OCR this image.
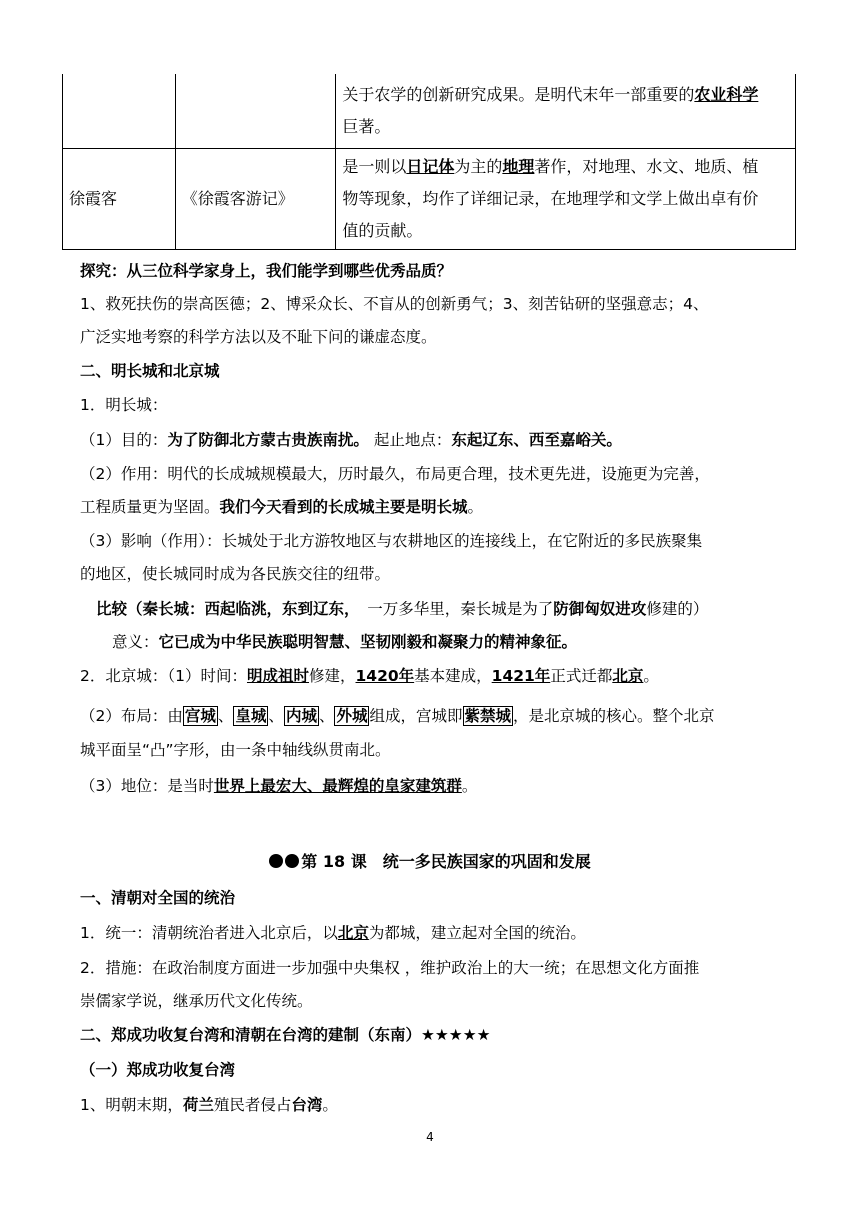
		关于农学的创新研究成果。是明代末年一部重要的农业科学
巨著。
徐霞客	《徐霞客游记》	是一则以日记体为主的地理著作，对地理、水文、地质、植
物等现象，均作了详细记录，在地理学和文学上做出卓有价
值的贡献。
探究：从三位科学家身上，我们能学到哪些优秀品质？
1、救死扶伤的崇高医德；2、博采众长、不盲从的创新勇气；3、刻苦钻研的坚强意志；4、
广泛实地考察的科学方法以及不耻下问的谦虚态度。
二、明长城和北京城
1．明长城：
（1）目的：为了防御北方蒙古贵族南扰。 起止地点：东起辽东、西至嘉峪关。
（2）作用：明代的长成城规模最大，历时最久，布局更合理，技术更先进，设施更为完善，
工程质量更为坚固。我们今天看到的长成城主要是明长城。
（3）影响（作用）：长城处于北方游牧地区与农耕地区的连接线上，在它附近的多民族聚集
的地区，使长城同时成为各民族交往的纽带。
比较（秦长城：西起临洮，东到辽东，　 一万多华里，秦长城是为了防御匈奴进攻修建的）
意义：它已成为中华民族聪明智慧、坚韧刚毅和凝聚力的精神象征。
2．北京城：（1）时间：明成祖时修建，1420年基本建成，1421年正式迁都北京。
（2）布局：由 宫城 、 皇城 、 内城 、 外城 组成，宫城即 紫禁城 ，是北京城的核心。整个北京
城平面呈“凸”字形，由一条中轴线纵贯南北。
（3）地位：是当时世界上最宏大、最辉煌的皇家建筑群。
第 18 课　统一多民族国家的巩固和发展
一、清朝对全国的统治
1．统一：清朝统治者进入北京后，以北京为都城，建立起对全国的统治。
2．措施：在政治制度方面进一步加强中央集权 ，维护政治上的大一统；在思想文化方面推
崇儒家学说，继承历代文化传统。
二、郑成功收复台湾和清朝在台湾的建制（东南）★★★★★
（一）郑成功收复台湾
1、明朝末期，荷兰殖民者侵占台湾。
4
